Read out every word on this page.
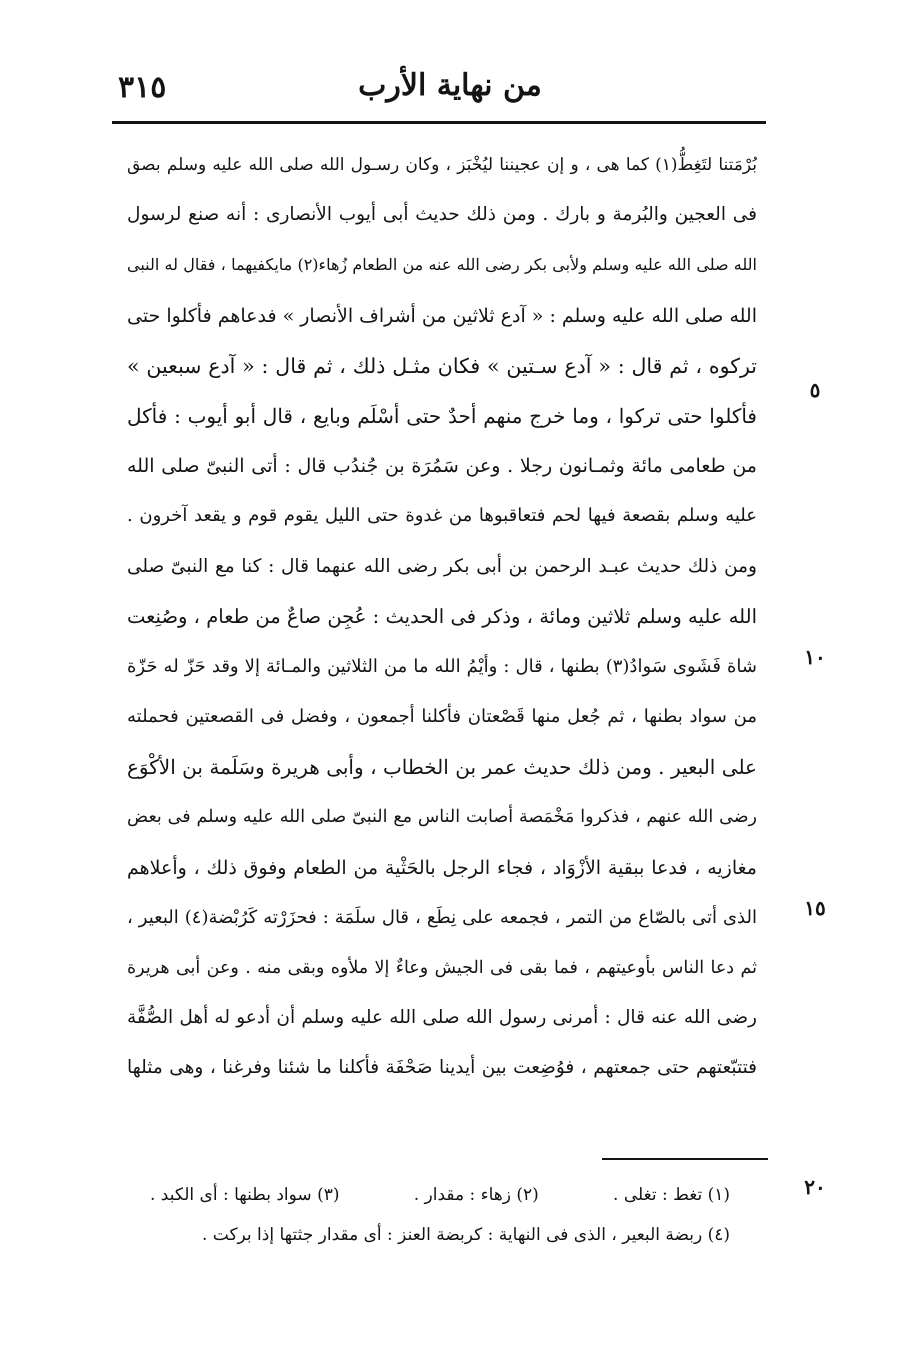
٣١٥	من نهاية الأرب
٥
١٠
١٥
٢٠
بُرْمَتنا لتَغِطُّ(١) كما هى ، و إن عجيننا ليُخْبَز ، وكان رسـول الله صلى الله عليه وسلم بصق
فى العجين والبُرمة و بارك . ومن ذلك حديث أبى أيوب الأنصارى : أنه صنع لرسول
الله صلى الله عليه وسلم ولأبى بكر رضى الله عنه من الطعام زُهاء(٢) مايكفيهما ، فقال له النبى
الله صلى الله عليه وسلم : « آدع ثلاثين من أشراف الأنصار » فدعاهم فأكلوا حتى
تركوه ، ثم قال : « آدع سـتين » فكان مثـل ذلك ، ثم قال : « آدع سبعين »
فأكلوا حتى تركوا ، وما خرج منهم أحدٌ حتى أسْلَم وبايع ، قال أبو أيوب : فأكل
من طعامى مائة وثمـانون رجلا . وعن سَمُرَة بن جُندُب قال : أتى النبىّ صلى الله
عليه وسلم بقصعة فيها لحم فتعاقبوها من غدوة حتى الليل يقوم قوم و يقعد آخرون .
ومن ذلك حديث عبـد الرحمن بن أبى بكر رضى الله عنهما قال : كنا مع النبىّ صلى
الله عليه وسلم ثلاثين ومائة ، وذكر فى الحديث : عُجِن صاعٌ من طعام ، وصُنِعت
شاة فَشَوى سَوادُ(٣) بطنها ، قال : وأيْمُ الله ما من الثلاثين والمـائة إلا وقد حَزّ له حَزّة
من سواد بطنها ، ثم جُعل منها قَصْعتان فأكلنا أجمعون ، وفضل فى القصعتين فحملته
على البعير . ومن ذلك حديث عمر بن الخطاب ، وأبى هريرة وسَلَمة بن الأكْوَع
رضى الله عنهم ، فذكروا مَخْمَصة أصابت الناس مع النبىّ صلى الله عليه وسلم فى بعض
مغازيه ، فدعا ببقية الأزْوَاد ، فجاء الرجل بالحَثْية من الطعام وفوق ذلك ، وأعلاهم
الذى أتى بالصّاع من التمر ، فجمعه على نِطَع ، قال سلَمَة : فحزَرْته كَرُبْضة(٤) البعير ،
ثم دعا الناس بأوعيتهم ، فما بقى فى الجيش وعاءٌ إلا ملأوه وبقى منه . وعن أبى هريرة
رضى الله عنه قال : أمرنى رسول الله صلى الله عليه وسلم أن أدعو له أهل الصُّفَّة
فتتبّعتهم حتى جمعتهم ، فوُضِعت بين أيدينا صَحْفَة فأكلنا ما شئنا وفرغنا ، وهى مثلها
(١) تغط : تغلى .
(٢) زهاء : مقدار .
(٣) سواد بطنها : أى الكبد .
(٤) ربضة البعير ، الذى فى النهاية : كربضة العنز : أى مقدار جثتها إذا بركت .
